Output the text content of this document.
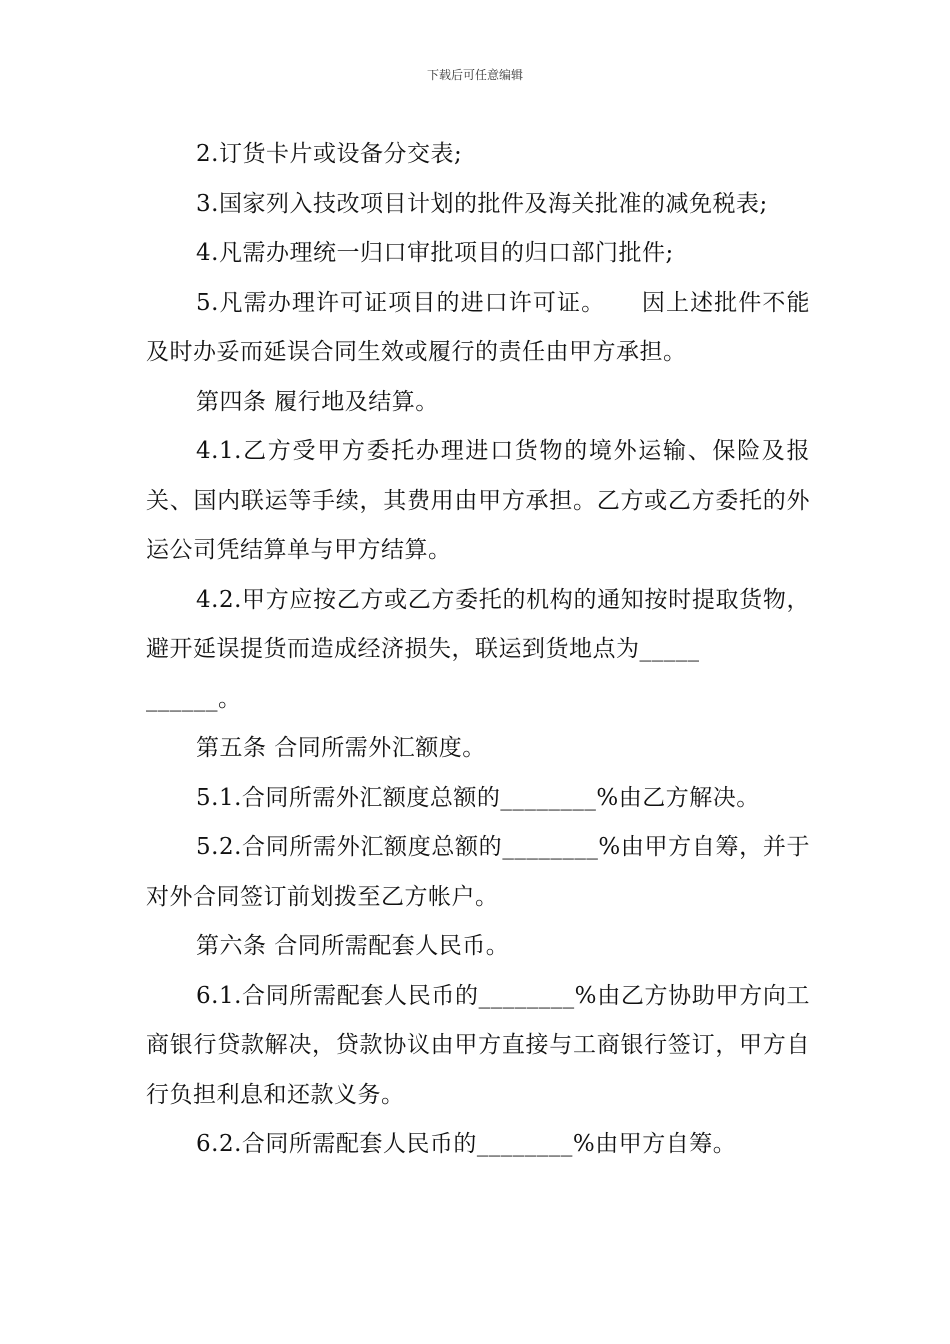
下载后可任意编辑

2.订货卡片或设备分交表;

3.国家列入技改项目计划的批件及海关批准的减免税表;

4.凡需办理统一归口审批项目的归口部门批件;

5.凡需办理许可证项目的进口许可证。　　因上述批件不能及时办妥而延误合同生效或履行的责任由甲方承担。

第四条 履行地及结算。

4.1.乙方受甲方委托办理进口货物的境外运输、保险及报关、国内联运等手续，其费用由甲方承担。乙方或乙方委托的外运公司凭结算单与甲方结算。

4.2.甲方应按乙方或乙方委托的机构的通知按时提取货物，避开延误提货而造成经济损失，联运到货地点为_____

______。

第五条 合同所需外汇额度。

5.1.合同所需外汇额度总额的________%由乙方解决。

5.2.合同所需外汇额度总额的________%由甲方自筹，并于对外合同签订前划拨至乙方帐户。

第六条 合同所需配套人民币。

6.1.合同所需配套人民币的________%由乙方协助甲方向工商银行贷款解决，贷款协议由甲方直接与工商银行签订，甲方自行负担利息和还款义务。

6.2.合同所需配套人民币的________%由甲方自筹。
